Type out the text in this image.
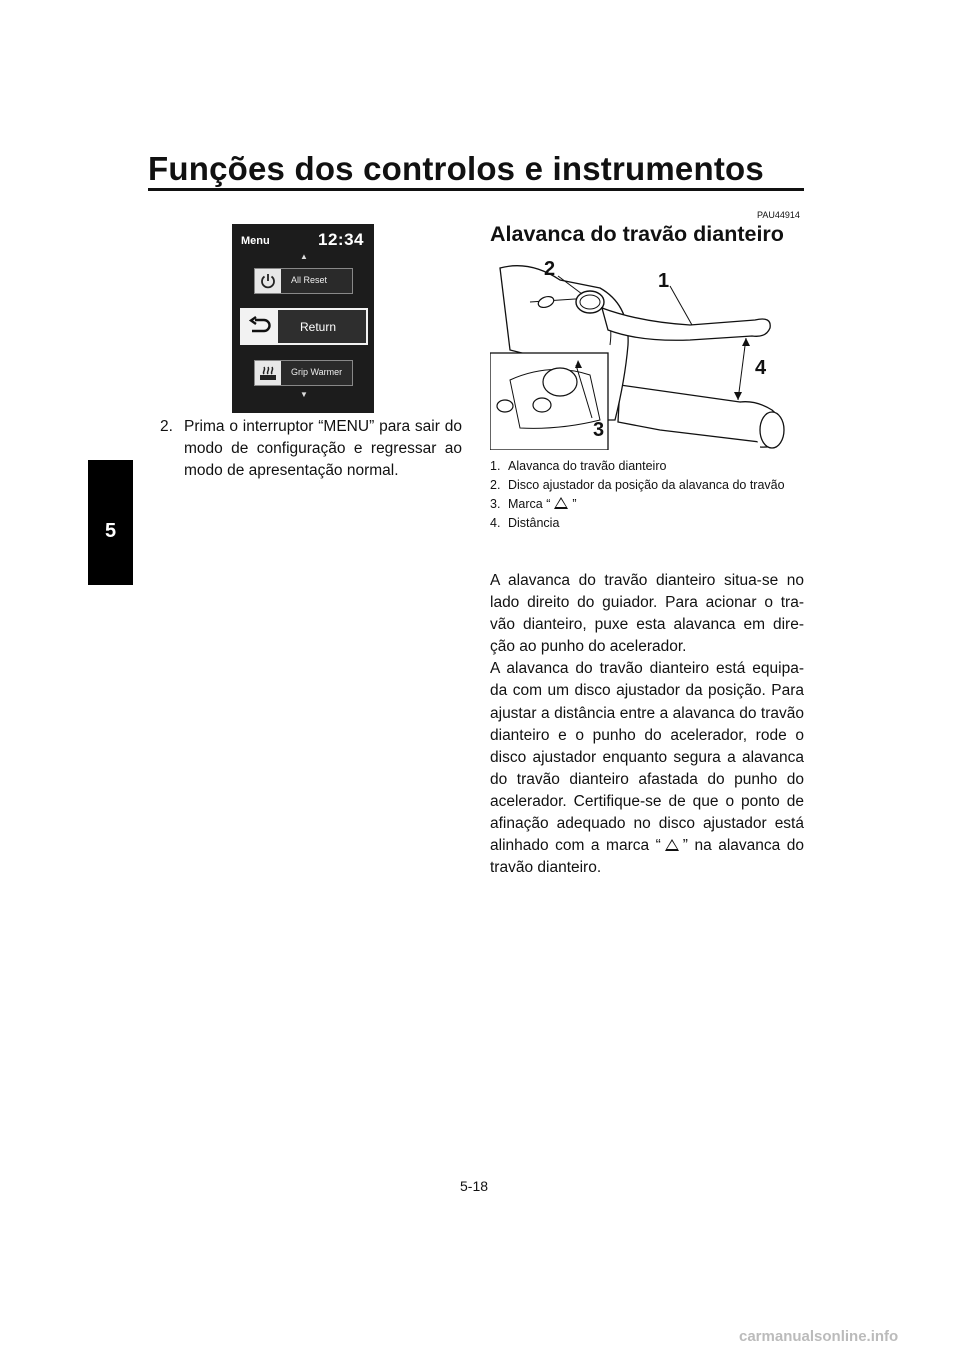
Funções dos controlos e instrumentos
5
Menu	12:34
▲
All Reset
Return
Grip Warmer
▼
2. Prima o interruptor “MENU” para sair do modo de configuração e regressar ao modo de apresentação normal.
PAU44914
Alavanca do travão dianteiro
2
1
4
3
1. Alavanca do travão dianteiro
2. Disco ajustador da posição da alavanca do travão
3. Marca “ ”
4. Distância

A alavanca do travão dianteiro situa-se no lado direito do guiador. Para acionar o tra-vão dianteiro, puxe esta alavanca em dire-ção ao punho do acelerador.

A alavanca do travão dianteiro está equipa-da com um disco ajustador da posição. Para ajustar a distância entre a alavanca do travão dianteiro e o punho do acelerador, rode o disco ajustador enquanto segura a alavanca do travão dianteiro afastada do punho do acelerador. Certifique-se de que o ponto de afinação adequado no disco ajustador está alinhado com a marca “ ” na alavanca do travão dianteiro.

5-18
carmanualsonline.info
